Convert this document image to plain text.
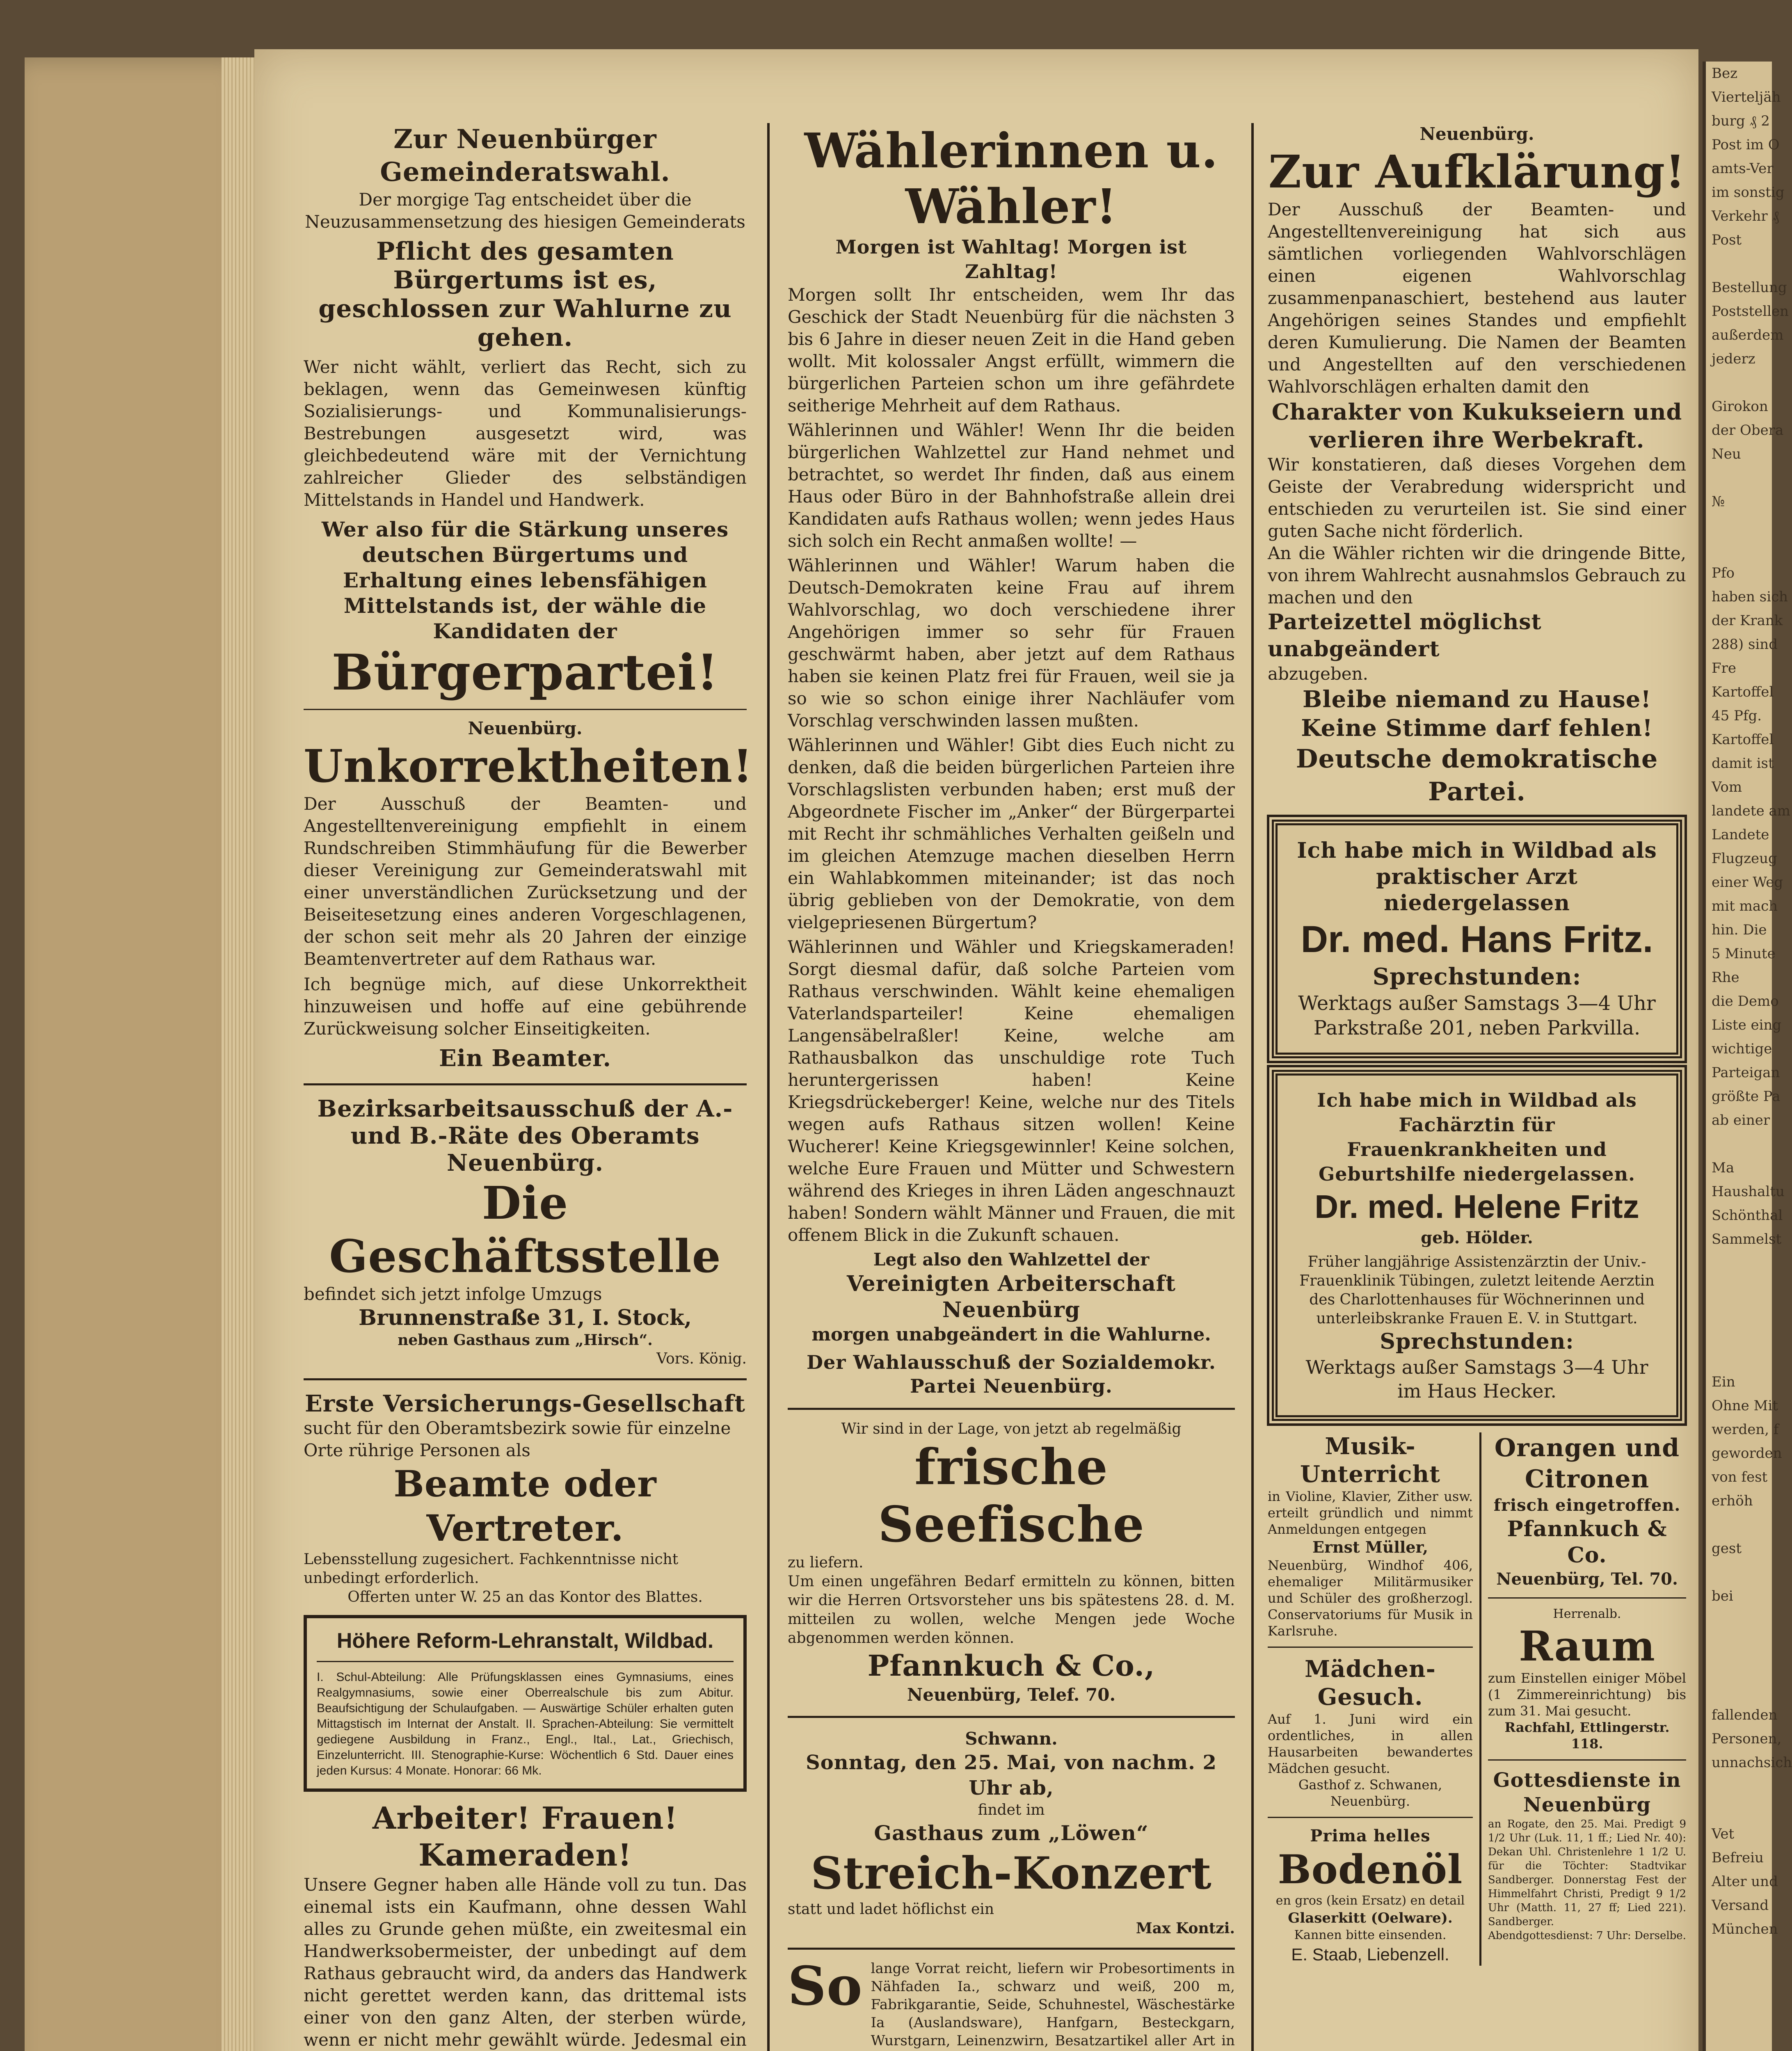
Zur Neuenbürger Gemeinderatswahl.

Der morgige Tag entscheidet über die Neuzusammensetzung des hiesigen Gemeinderats

Pflicht des gesamten Bürgertums ist es, geschlossen zur Wahlurne zu gehen.

Wer nicht wählt, verliert das Recht, sich zu beklagen, wenn das Gemeinwesen künftig Sozialisierungs- und Kommunalisierungs-Bestrebungen ausgesetzt wird, was gleichbedeutend wäre mit der Vernichtung zahlreicher Glieder des selbständigen Mittelstands in Handel und Handwerk.

Wer also für die Stärkung unseres deutschen Bürgertums und Erhaltung eines lebensfähigen Mittelstands ist, der wähle die Kandidaten der

Bürgerpartei!

Neuenbürg.

Unkorrektheiten!

Der Ausschuß der Beamten- und Angestelltenvereinigung empfiehlt in einem Rundschreiben Stimmhäufung für die Bewerber dieser Vereinigung zur Gemeinderatswahl mit einer unverständlichen Zurücksetzung und der Beiseitesetzung eines anderen Vorgeschlagenen, der schon seit mehr als 20 Jahren der einzige Beamtenvertreter auf dem Rathaus war.

Ich begnüge mich, auf diese Unkorrektheit hinzuweisen und hoffe auf eine gebührende Zurückweisung solcher Einseitigkeiten.

Ein Beamter.

Bezirksarbeitsausschuß der A.- und B.-Räte des Oberamts Neuenbürg.

Die Geschäftsstelle

befindet sich jetzt infolge Umzugs

Brunnenstraße 31, I. Stock,

neben Gasthaus zum „Hirsch“.

Vors. König.

Erste Versicherungs-Gesellschaft

sucht für den Oberamtsbezirk sowie für einzelne Orte rührige Personen als

Beamte oder Vertreter.

Lebensstellung zugesichert. Fachkenntnisse nicht unbedingt erforderlich.

Offerten unter W. 25 an das Kontor des Blattes.

Höhere Reform-Lehranstalt, Wildbad.

I. Schul-Abteilung: Alle Prüfungsklassen eines Gymnasiums, eines Realgymnasiums, sowie einer Oberrealschule bis zum Abitur. Beaufsichtigung der Schulaufgaben. — Auswärtige Schüler erhalten guten Mittagstisch im Internat der Anstalt. II. Sprachen-Abteilung: Sie vermittelt gediegene Ausbildung in Franz., Engl., Ital., Lat., Griechisch, Einzelunterricht. III. Stenographie-Kurse: Wöchentlich 6 Std. Dauer eines jeden Kursus: 4 Monate. Honorar: 66 Mk.

Arbeiter! Frauen! Kameraden!

Unsere Gegner haben alle Hände voll zu tun. Das einemal ists ein Kaufmann, ohne dessen Wahl alles zu Grunde gehen müßte, ein zweitesmal ein Handwerksobermeister, der unbedingt auf dem Rathaus gebraucht wird, da anders das Handwerk nicht gerettet werden kann, das drittemal ists einer von den ganz Alten, der sterben würde, wenn er nicht mehr gewählt würde. Jedesmal ein

Wählerinnen u. Wähler!

Morgen ist Wahltag! Morgen ist Zahltag!

Morgen sollt Ihr entscheiden, wem Ihr das Geschick der Stadt Neuenbürg für die nächsten 3 bis 6 Jahre in dieser neuen Zeit in die Hand geben wollt. Mit kolossaler Angst erfüllt, wimmern die bürgerlichen Parteien schon um ihre gefährdete seitherige Mehrheit auf dem Rathaus.

Wählerinnen und Wähler! Wenn Ihr die beiden bürgerlichen Wahlzettel zur Hand nehmet und betrachtet, so werdet Ihr finden, daß aus einem Haus oder Büro in der Bahnhofstraße allein drei Kandidaten aufs Rathaus wollen; wenn jedes Haus sich solch ein Recht anmaßen wollte! —

Wählerinnen und Wähler! Warum haben die Deutsch-Demokraten keine Frau auf ihrem Wahlvorschlag, wo doch verschiedene ihrer Angehörigen immer so sehr für Frauen geschwärmt haben, aber jetzt auf dem Rathaus haben sie keinen Platz frei für Frauen, weil sie ja so wie so schon einige ihrer Nachläufer vom Vorschlag verschwinden lassen mußten.

Wählerinnen und Wähler! Gibt dies Euch nicht zu denken, daß die beiden bürgerlichen Parteien ihre Vorschlagslisten verbunden haben; erst muß der Abgeordnete Fischer im „Anker“ der Bürgerpartei mit Recht ihr schmähliches Verhalten geißeln und im gleichen Atemzuge machen dieselben Herrn ein Wahlabkommen miteinander; ist das noch übrig geblieben von der Demokratie, von dem vielgepriesenen Bürgertum?

Wählerinnen und Wähler und Kriegskameraden! Sorgt diesmal dafür, daß solche Parteien vom Rathaus verschwinden. Wählt keine ehemaligen Vaterlandsparteiler! Keine ehemaligen Langensäbelraßler! Keine, welche am Rathausbalkon das unschuldige rote Tuch heruntergerissen haben! Keine Kriegsdrückeberger! Keine, welche nur des Titels wegen aufs Rathaus sitzen wollen! Keine Wucherer! Keine Kriegsgewinnler! Keine solchen, welche Eure Frauen und Mütter und Schwestern während des Krieges in ihren Läden angeschnauzt haben! Sondern wählt Männer und Frauen, die mit offenem Blick in die Zukunft schauen.

Legt also den Wahlzettel der

Vereinigten Arbeiterschaft Neuenbürg

morgen unabgeändert in die Wahlurne.

Der Wahlausschuß der Sozialdemokr. Partei Neuenbürg.

Wir sind in der Lage, von jetzt ab regelmäßig

frische Seefische

zu liefern.

Um einen ungefähren Bedarf ermitteln zu können, bitten wir die Herren Ortsvorsteher uns bis spätestens 28. d. M. mitteilen zu wollen, welche Mengen jede Woche abgenommen werden können.

Pfannkuch & Co.,

Neuenbürg, Telef. 70.

Schwann.

Sonntag, den 25. Mai, von nachm. 2 Uhr ab,

findet im

Gasthaus zum „Löwen“

Streich-Konzert

statt und ladet höflichst ein

Max Kontzi.

So lange Vorrat reicht, liefern wir Probesortiments in Nähfaden Ia., schwarz und weiß, 200 m, Fabrikgarantie, Seide, Schuhnestel, Wäschestärke Ia (Auslandsware), Hanfgarn, Besteckgarn, Wurstgarn, Leinenzwirn, Besatzartikel aller Art in

Neuenbürg.

Zur Aufklärung!

Der Ausschuß der Beamten- und Angestelltenvereinigung hat sich aus sämtlichen vorliegenden Wahlvorschlägen einen eigenen Wahlvorschlag zusammenpanaschiert, bestehend aus lauter Angehörigen seines Standes und empfiehlt deren Kumulierung. Die Namen der Beamten und Angestellten auf den verschiedenen Wahlvorschlägen erhalten damit den

Charakter von Kukukseiern und verlieren ihre Werbekraft.

Wir konstatieren, daß dieses Vorgehen dem Geiste der Verabredung widerspricht und entschieden zu verurteilen ist. Sie sind einer guten Sache nicht förderlich.

An die Wähler richten wir die dringende Bitte, von ihrem Wahlrecht ausnahmslos Gebrauch zu machen und den

Parteizettel möglichst unabgeändert

abzugeben.

Bleibe niemand zu Hause!

Keine Stimme darf fehlen!

Deutsche demokratische Partei.

Ich habe mich in Wildbad als praktischer Arzt niedergelassen

Dr. med. Hans Fritz.

Sprechstunden:

Werktags außer Samstags 3—4 Uhr

Parkstraße 201, neben Parkvilla.

Ich habe mich in Wildbad als Fachärztin für Frauenkrankheiten und Geburtshilfe niedergelassen.

Dr. med. Helene Fritz

geb. Hölder.

Früher langjährige Assistenzärztin der Univ.-Frauenklinik Tübingen, zuletzt leitende Aerztin des Charlottenhauses für Wöchnerinnen und unterleibskranke Frauen E. V. in Stuttgart.

Sprechstunden:

Werktags außer Samstags 3—4 Uhr

im Haus Hecker.

Musik-Unterricht

in Violine, Klavier, Zither usw. erteilt gründlich und nimmt Anmeldungen entgegen

Ernst Müller,

Neuenbürg, Windhof 406, ehemaliger Militärmusiker und Schüler des großherzogl. Conservatoriums für Musik in Karlsruhe.

Mädchen-Gesuch.

Auf 1. Juni wird ein ordentliches, in allen Hausarbeiten bewandertes Mädchen gesucht.

Gasthof z. Schwanen, Neuenbürg.

Prima helles

Bodenöl

en gros (kein Ersatz) en detail

Glaserkitt (Oelware).

Kannen bitte einsenden.

E. Staab, Liebenzell.

Orangen und Citronen

frisch eingetroffen.

Pfannkuch & Co.

Neuenbürg, Tel. 70.

Herrenalb.

Raum

zum Einstellen einiger Möbel (1 Zimmereinrichtung) bis zum 31. Mai gesucht.

Rachfahl, Ettlingerstr. 118.

Gottesdienste in Neuenbürg

an Rogate, den 25. Mai. Predigt 9 1/2 Uhr (Luk. 11, 1 ff.; Lied Nr. 40): Dekan Uhl. Christenlehre 1 1/2 U. für die Töchter: Stadtvikar Sandberger. Donnerstag Fest der Himmelfahrt Christi, Predigt 9 1/2 Uhr (Matth. 11, 27 ff; Lied 221). Sandberger.

Abendgottesdienst: 7 Uhr: Derselbe.

Bez
Vierteljäh
burg ₰ 2
Post im O
amts-Ver
im sonstig
Verkehr ₰
Post

Bestellung
Poststellen
außerdem
jederz

Girokon
der Obera
Neu

№

Pfo
haben sich
der Krank
288) sind
Fre
Kartoffel
45 Pfg.
Kartoffel
damit ist
Vom
landete am
Landete
Flugzeug
einer Weg
mit mach
hin. Die
5 Minute
Rhe
die Demo
Liste eing
wichtige
Parteigan
größte Pa
ab einer

Ma
Haushaltu
Schönthal
Sammelst

Ein
Ohne Mit
werden, f
geworden
von fest
erhöh

gest

bei

fallenden
Personen,
unnachsich

Vet
Befreiu
Alter und
Versand
München
